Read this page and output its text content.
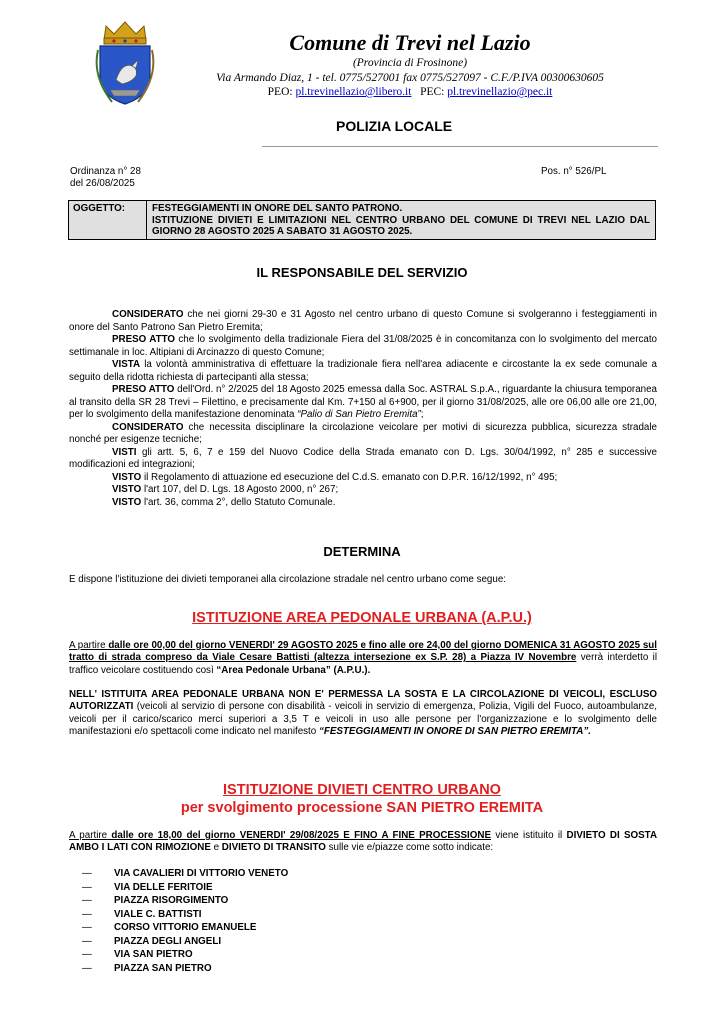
Comune di Trevi nel Lazio
(Provincia di Frosinone)
Via Armando Diaz, 1 - tel. 0775/527001 fax 0775/527097 - C.F./P.IVA 00300630605
PEO: pl.trevinellazio@libero.it PEC: pl.trevinellazio@pec.it
POLIZIA LOCALE
Ordinanza n° 28
del 26/08/2025
Pos. n° 526/PL
OGGETTO:	FESTEGGIAMENTI IN ONORE DEL SANTO PATRONO.
ISTITUZIONE DIVIETI E LIMITAZIONI NEL CENTRO URBANO DEL COMUNE DI TREVI NEL LAZIO DAL GIORNO 28 AGOSTO 2025 A SABATO 31 AGOSTO 2025.
IL RESPONSABILE DEL SERVIZIO

CONSIDERATO che nei giorni 29-30 e 31 Agosto nel centro urbano di questo Comune si svolgeranno i festeggiamenti in onore del Santo Patrono San Pietro Eremita;

PRESO ATTO che lo svolgimento della tradizionale Fiera del 31/08/2025 è in concomitanza con lo svolgimento del mercato settimanale in loc. Altipiani di Arcinazzo di questo Comune;

VISTA la volontà amministrativa di effettuare la tradizionale fiera nell'area adiacente e circostante la ex sede comunale a seguito della ridotta richiesta di partecipanti alla stessa;

PRESO ATTO dell'Ord. n° 2/2025 del 18 Agosto 2025 emessa dalla Soc. ASTRAL S.p.A., riguardante la chiusura temporanea al transito della SR 28 Trevi – Filettino, e precisamente dal Km. 7+150 al 6+900, per il giorno 31/08/2025, alle ore 06,00 alle ore 21,00, per lo svolgimento della manifestazione denominata “Palio di San Pietro Eremita”;

CONSIDERATO che necessita disciplinare la circolazione veicolare per motivi di sicurezza pubblica, sicurezza stradale nonché per esigenze tecniche;

VISTI gli artt. 5, 6, 7 e 159 del Nuovo Codice della Strada emanato con D. Lgs. 30/04/1992, n° 285 e successive modificazioni ed integrazioni;

VISTO il Regolamento di attuazione ed esecuzione del C.d.S. emanato con D.P.R. 16/12/1992, n° 495;

VISTO l'art 107, del D. Lgs. 18 Agosto 2000, n° 267;

VISTO l'art. 36, comma 2°, dello Statuto Comunale.

DETERMINA
E dispone l'istituzione dei divieti temporanei alla circolazione stradale nel centro urbano come segue:
ISTITUZIONE AREA PEDONALE URBANA (A.P.U.)
A partire dalle ore 00,00 del giorno VENERDI' 29 AGOSTO 2025 e fino alle ore 24,00 del giorno DOMENICA 31 AGOSTO 2025 sul tratto di strada compreso da Viale Cesare Battisti (altezza intersezione ex S.P. 28) a Piazza IV Novembre verrà interdetto il traffico veicolare costituendo così “Area Pedonale Urbana” (A.P.U.).
NELL' ISTITUITA AREA PEDONALE URBANA NON E' PERMESSA LA SOSTA E LA CIRCOLAZIONE DI VEICOLI, ESCLUSO AUTORIZZATI (veicoli al servizio di persone con disabilità - veicoli in servizio di emergenza, Polizia, Vigili del Fuoco, autoambulanze, veicoli per il carico/scarico merci superiori a 3,5 T e veicoli in uso alle persone per l'organizzazione e lo svolgimento delle manifestazioni e/o spettacoli come indicato nel manifesto “FESTEGGIAMENTI IN ONORE DI SAN PIETRO EREMITA”.
ISTITUZIONE DIVIETI CENTRO URBANO
per svolgimento processione SAN PIETRO EREMITA
A partire dalle ore 18,00 del giorno VENERDI' 29/08/2025 E FINO A FINE PROCESSIONE viene istituito il DIVIETO DI SOSTA AMBO I LATI CON RIMOZIONE e DIVIETO DI TRANSITO sulle vie e/piazze come sotto indicate:
—	VIA CAVALIERI DI VITTORIO VENETO
—	VIA DELLE FERITOIE
—	PIAZZA RISORGIMENTO
—	VIALE C. BATTISTI
—	CORSO VITTORIO EMANUELE
—	PIAZZA DEGLI ANGELI
—	VIA SAN PIETRO
—	PIAZZA SAN PIETRO
